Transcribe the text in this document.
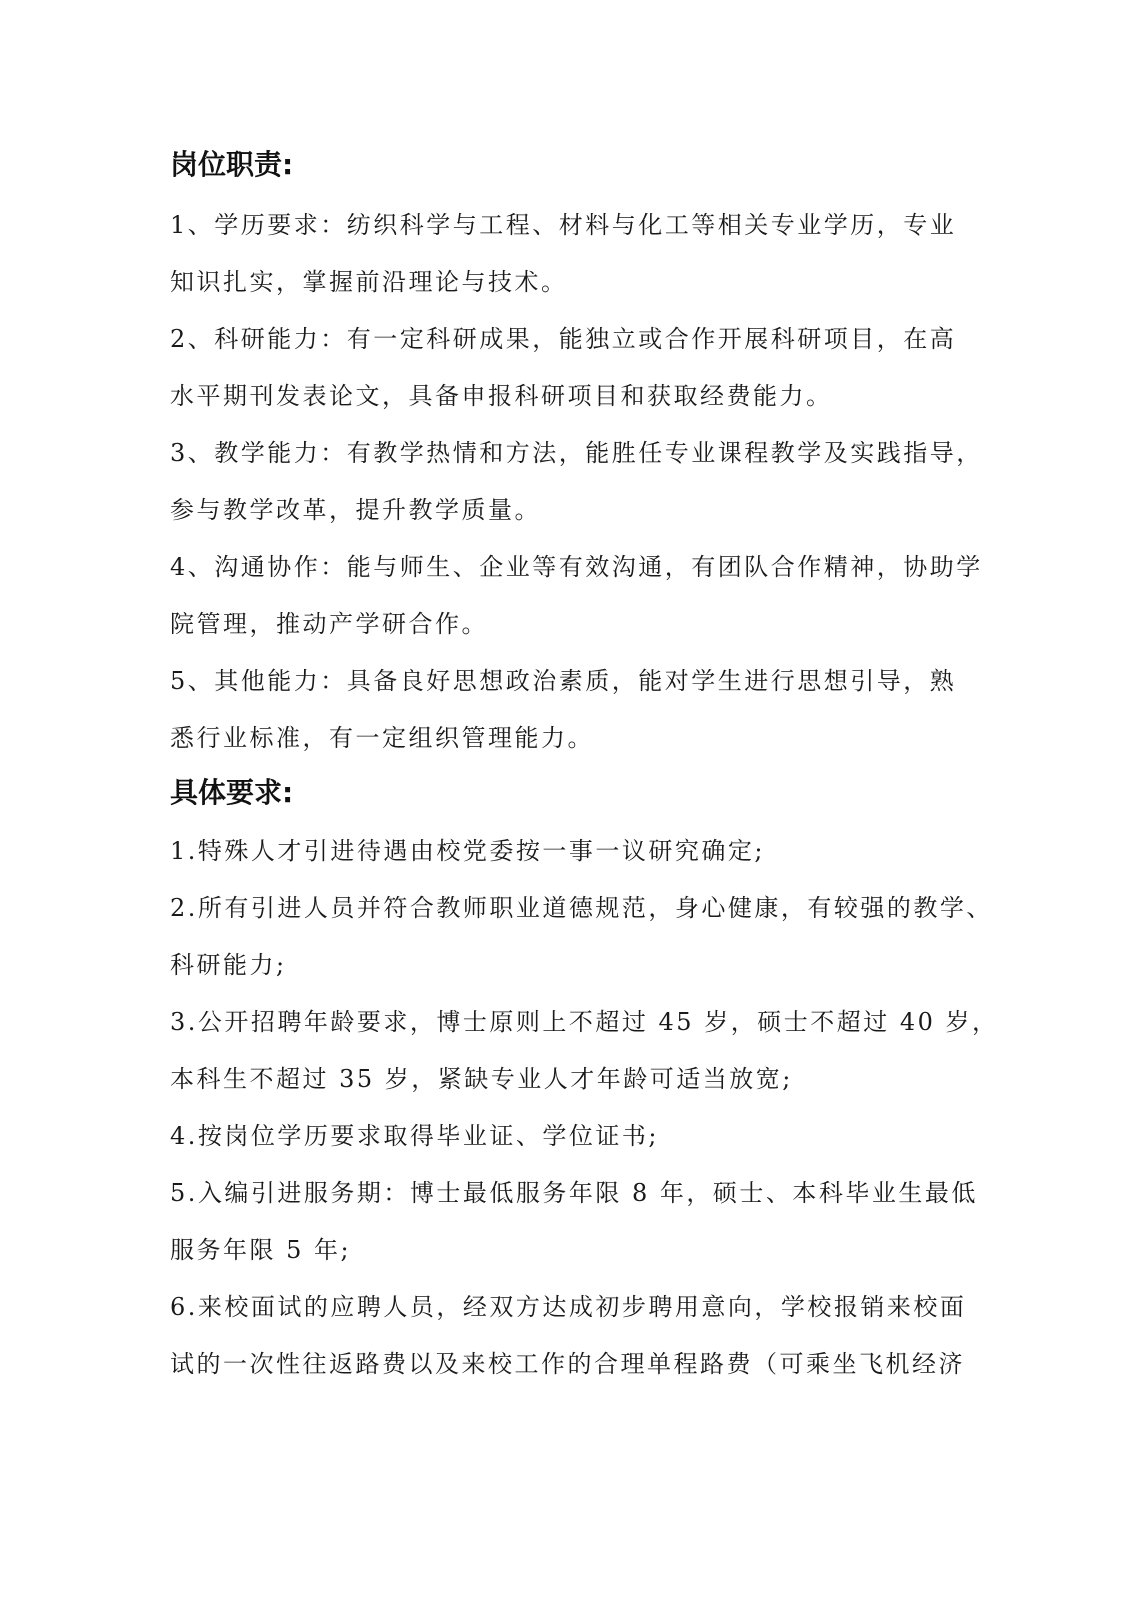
岗位职责:

1、学历要求：纺织科学与工程、材料与化工等相关专业学历，专业

知识扎实，掌握前沿理论与技术。

2、科研能力：有一定科研成果，能独立或合作开展科研项目，在高

水平期刊发表论文，具备申报科研项目和获取经费能力。

3、教学能力：有教学热情和方法，能胜任专业课程教学及实践指导，

参与教学改革，提升教学质量。

4、沟通协作：能与师生、企业等有效沟通，有团队合作精神，协助学

院管理，推动产学研合作。

5、其他能力：具备良好思想政治素质，能对学生进行思想引导，熟

悉行业标准，有一定组织管理能力。

具体要求:

1.特殊人才引进待遇由校党委按一事一议研究确定;

2.所有引进人员并符合教师职业道德规范，身心健康，有较强的教学、

科研能力;

3.公开招聘年龄要求，博士原则上不超过 45 岁，硕士不超过 40 岁，

本科生不超过 35 岁，紧缺专业人才年龄可适当放宽;

4.按岗位学历要求取得毕业证、学位证书;

5.入编引进服务期：博士最低服务年限 8 年，硕士、本科毕业生最低

服务年限 5 年;

6.来校面试的应聘人员，经双方达成初步聘用意向，学校报销来校面

试的一次性往返路费以及来校工作的合理单程路费（可乘坐飞机经济
